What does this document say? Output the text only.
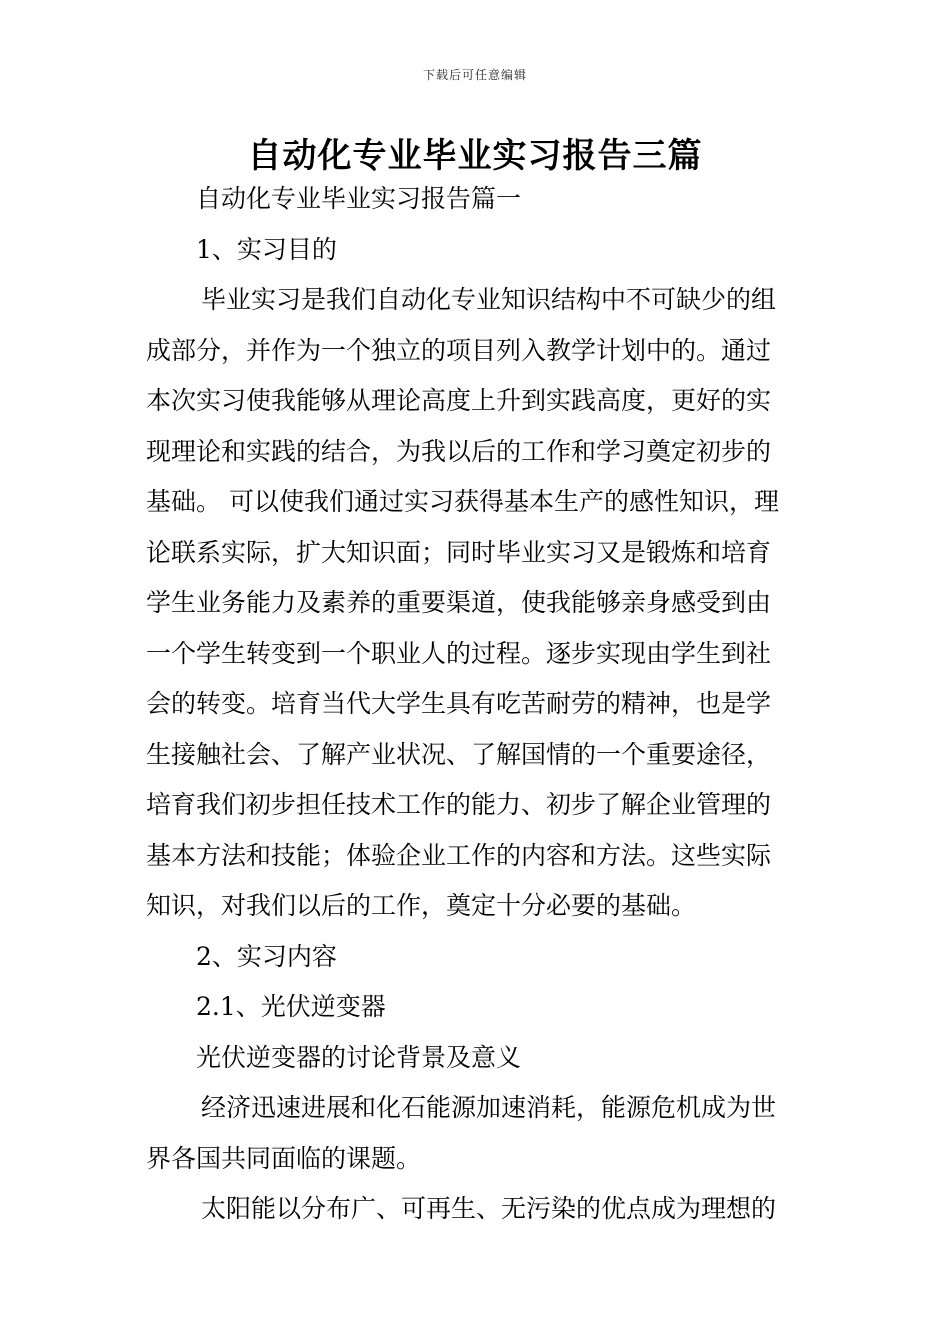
下载后可任意编辑
自动化专业毕业实习报告三篇
自动化专业毕业实习报告篇一
1、实习目的
毕业实习是我们自动化专业知识结构中不可缺少的组
成部分，并作为一个独立的项目列入教学计划中的。通过
本次实习使我能够从理论高度上升到实践高度，更好的实
现理论和实践的结合，为我以后的工作和学习奠定初步的
基础。 可以使我们通过实习获得基本生产的感性知识，理
论联系实际，扩大知识面；同时毕业实习又是锻炼和培育
学生业务能力及素养的重要渠道，使我能够亲身感受到由
一个学生转变到一个职业人的过程。逐步实现由学生到社
会的转变。培育当代大学生具有吃苦耐劳的精神，也是学
生接触社会、了解产业状况、了解国情的一个重要途径，
培育我们初步担任技术工作的能力、初步了解企业管理的
基本方法和技能；体验企业工作的内容和方法。这些实际
知识，对我们以后的工作，奠定十分必要的基础。
2、实习内容
2.1、光伏逆变器
光伏逆变器的讨论背景及意义
经济迅速进展和化石能源加速消耗，能源危机成为世
界各国共同面临的课题。
太阳能以分布广、可再生、无污染的优点成为理想的
